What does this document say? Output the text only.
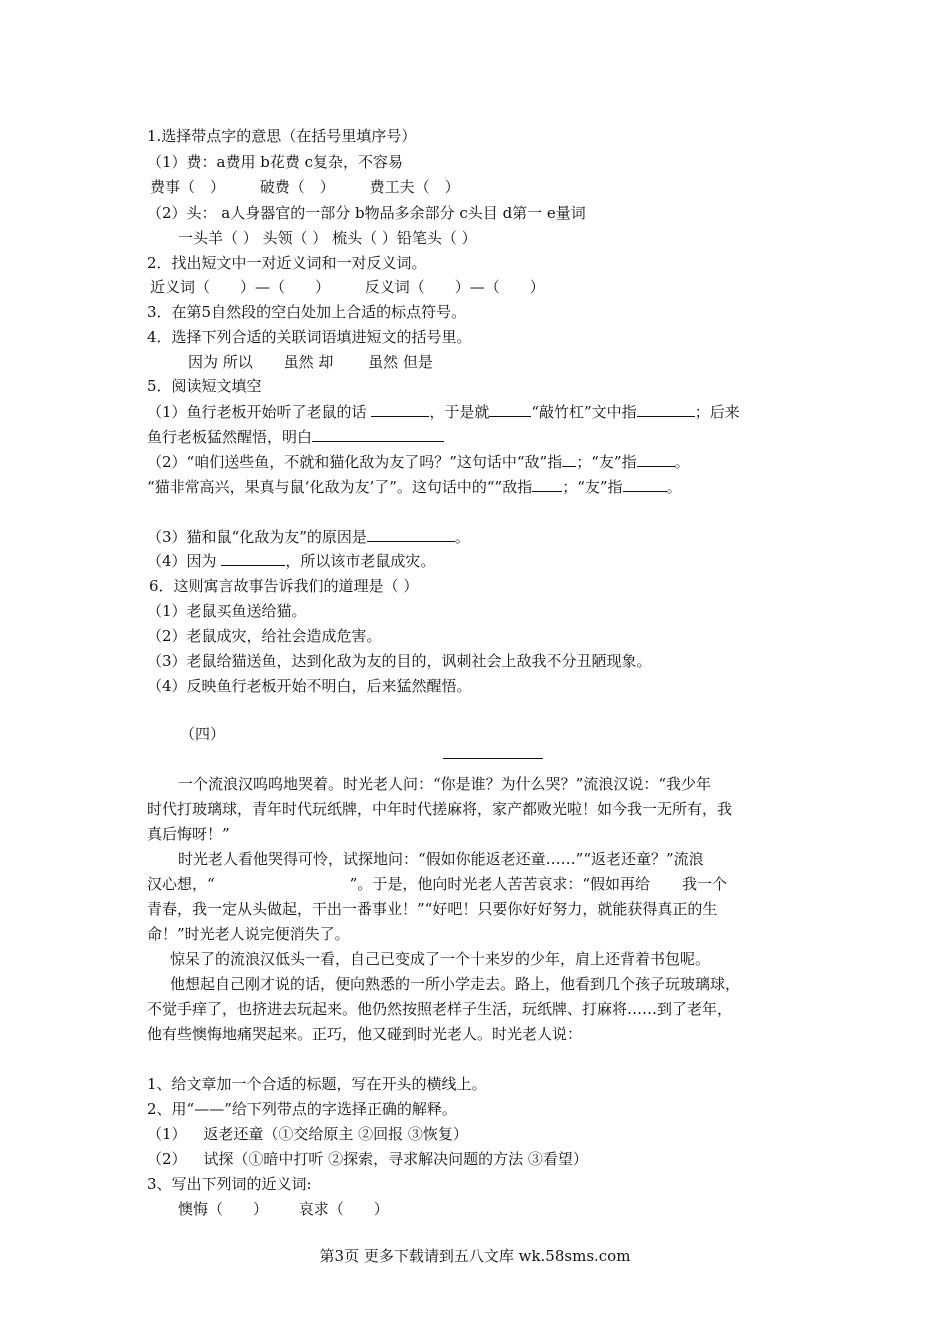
1.选择带点字的意思（在括号里填序号）
（1）费：a费用 b花费 c复杂，不容易
费事（　） 破费（　） 费工夫（　）
（2）头： a人身器官的一部分 b物品多余部分 c头目 d第一 e量词
一头羊（ ） 头领（ ） 梳头（ ）铅笔头（ ）
2．找出短文中一对近义词和一对反义词。
近义词（　　）—（　　） 反义词（　　）—（　　）
3．在第5自然段的空白处加上合适的标点符号。
4．选择下列合适的关联词语填进短文的括号里。
因为 所以 虽然 却 虽然 但是
5．阅读短文填空
（1）鱼行老板开始听了老鼠的话	，于是就	“敲竹杠”文中指	；后来
鱼行老板猛然醒悟，明白
（2）“咱们送些鱼，不就和猫化敌为友了吗？”这句话中“敌”指 ；“友”指	。
“猫非常高兴，果真与鼠‘化敌为友’了”。这句话中的“”敌指 ；“友”指	。
（3）猫和鼠“化敌为友”的原因是	。
（4）因为	，所以该市老鼠成灾。
6．这则寓言故事告诉我们的道理是（ ）
（1）老鼠买鱼送给猫。
（2）老鼠成灾，给社会造成危害。
（3）老鼠给猫送鱼，达到化敌为友的目的，讽刺社会上敌我不分丑陋现象。
（4）反映鱼行老板开始不明白，后来猛然醒悟。
（四）
一个流浪汉呜呜地哭着。时光老人问：“你是谁？为什么哭？”流浪汉说：“我少年
时代打玻璃球，青年时代玩纸牌，中年时代搓麻将，家产都败光啦！如今我一无所有，我
真后悔呀！”
时光老人看他哭得可怜，试探地问：“假如你能返老还童……”“返老还童？”流浪
汉心想，“	”。于是，他向时光老人苦苦哀求：“假如再给 我一个
青春，我一定从头做起，干出一番事业！”“好吧！只要你好好努力，就能获得真正的生
命！”时光老人说完便消失了。
惊呆了的流浪汉低头一看，自己已变成了一个十来岁的少年，肩上还背着书包呢。
他想起自己刚才说的话，便向熟悉的一所小学走去。路上，他看到几个孩子玩玻璃球，
不觉手痒了，也挤进去玩起来。他仍然按照老样子生活，玩纸牌、打麻将……到了老年，
他有些懊悔地痛哭起来。正巧，他又碰到时光老人。时光老人说：
1、给文章加一个合适的标题，写在开头的横线上。
2、用“——”给下列带点的字选择正确的解释。
（1） 返老还童（①交给原主 ②回报 ③恢复）
（2） 试探（①暗中打听 ②探索，寻求解决问题的方法 ③看望）
3、写出下列词的近义词:
懊悔（　　） 哀求（　　）
第3页 更多下载请到五八文库 wk.58sms.com
